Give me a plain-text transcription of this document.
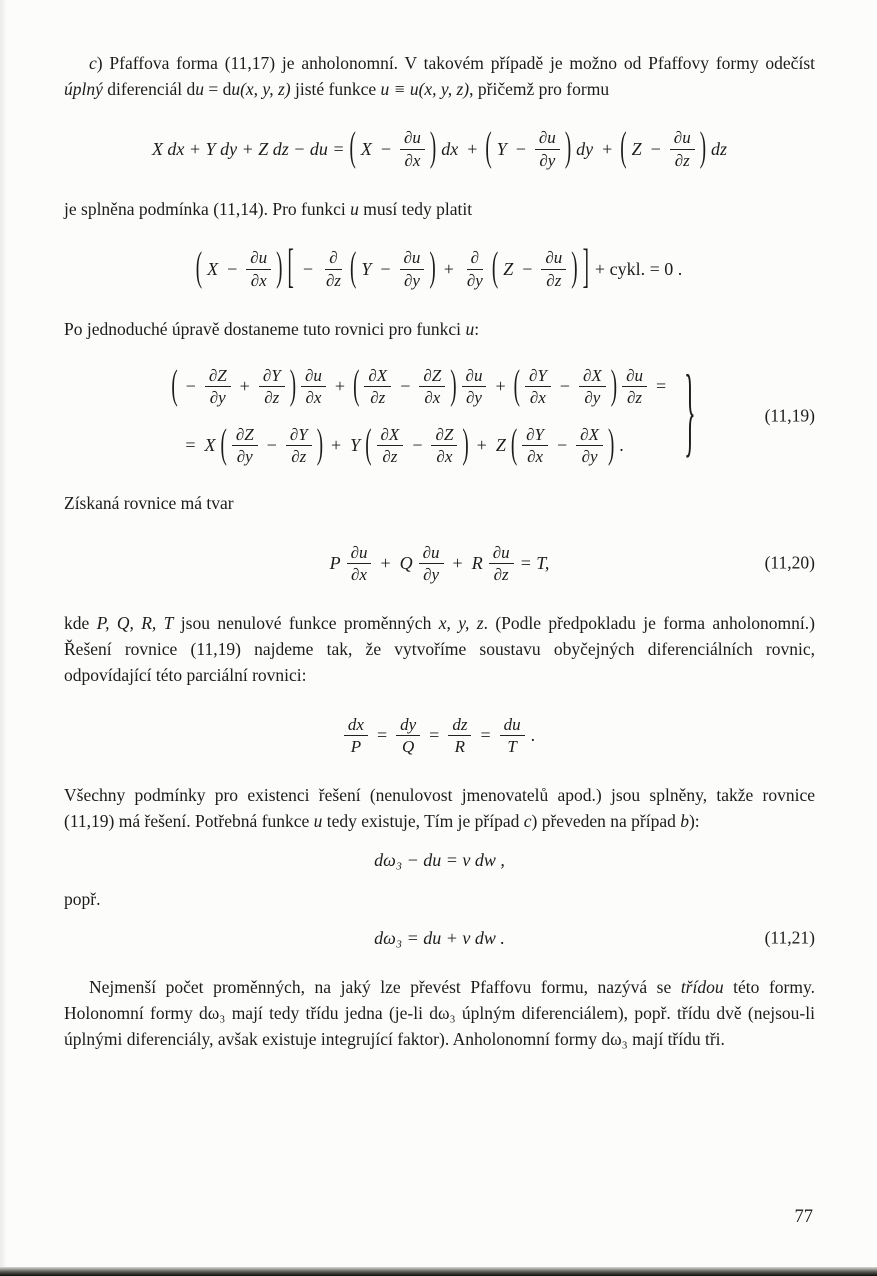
c) Pfaffova forma (11,17) je anholonomní. V takovém případě je možno od Pfaffovy formy odečíst úplný diferenciál du = du(x, y, z) jisté funkce u ≡ u(x, y, z), přičemž pro formu

X dx + Y dy + Z dz − du = ( $X - \frac{\partial u}{\partial x}$ ) dx + ( $Y - \frac{\partial u}{\partial y}$ ) dy + ( $Z - \frac{\partial u}{\partial z}$ ) dz

je splněna podmínka (11,14). Pro funkci u musí tedy platit

( $X - \frac{\partial u}{\partial x}$ ) [ − $\frac{\partial}{\partial z}$ ( $Y - \frac{\partial u}{\partial y}$ ) + $\frac{\partial}{\partial y}$ ( $Z - \frac{\partial u}{\partial z}$ ) ] + cykl. = 0 .

Po jednoduché úpravě dostaneme tuto rovnici pro funkci u:

( − $\frac{\partial Z}{\partial y} + \frac{\partial Y}{\partial z}$ ) $\frac{\partial u}{\partial x}$ + ( $\frac{\partial X}{\partial z} - \frac{\partial Z}{\partial x}$ ) $\frac{\partial u}{\partial y}$ + ( $\frac{\partial Y}{\partial x} - \frac{\partial X}{\partial y}$ ) $\frac{\partial u}{\partial z}$ =
= X ( $\frac{\partial Z}{\partial y} - \frac{\partial Y}{\partial z}$ ) + Y ( $\frac{\partial X}{\partial z} - \frac{\partial Z}{\partial x}$ ) + Z ( $\frac{\partial Y}{\partial x} - \frac{\partial X}{\partial y}$ ) .	}	(11,19)

Získaná rovnice má tvar

P $\frac{\partial u}{\partial x} + Q \frac{\partial u}{\partial y} + R \frac{\partial u}{\partial z} = T$,	(11,20)

kde P, Q, R, T jsou nenulové funkce proměnných x, y, z. (Podle předpokladu je forma anholonomní.) Řešení rovnice (11,19) najdeme tak, že vytvoříme soustavu obyčejných diferenciálních rovnic, odpovídající této parciální rovnici:

$\frac{dx}{P} = \frac{dy}{Q} = \frac{dz}{R} = \frac{du}{T}$ .

Všechny podmínky pro existenci řešení (nenulovost jmenovatelů apod.) jsou splněny, takže rovnice (11,19) má řešení. Potřebná funkce u tedy existuje, Tím je případ c) převeden na případ b):

dω₃ − du = v dw ,

popř.

dω₃ = du + v dw .	(11,21)

Nejmenší počet proměnných, na jaký lze převést Pfaffovu formu, nazývá se třídou této formy. Holonomní formy dω₃ mají tedy třídu jedna (je-li dω₃ úplným diferenciálem), popř. třídu dvě (nejsou-li úplnými diferenciály, avšak existuje integrující faktor). Anholonomní formy dω₃ mají třídu tři.

77
